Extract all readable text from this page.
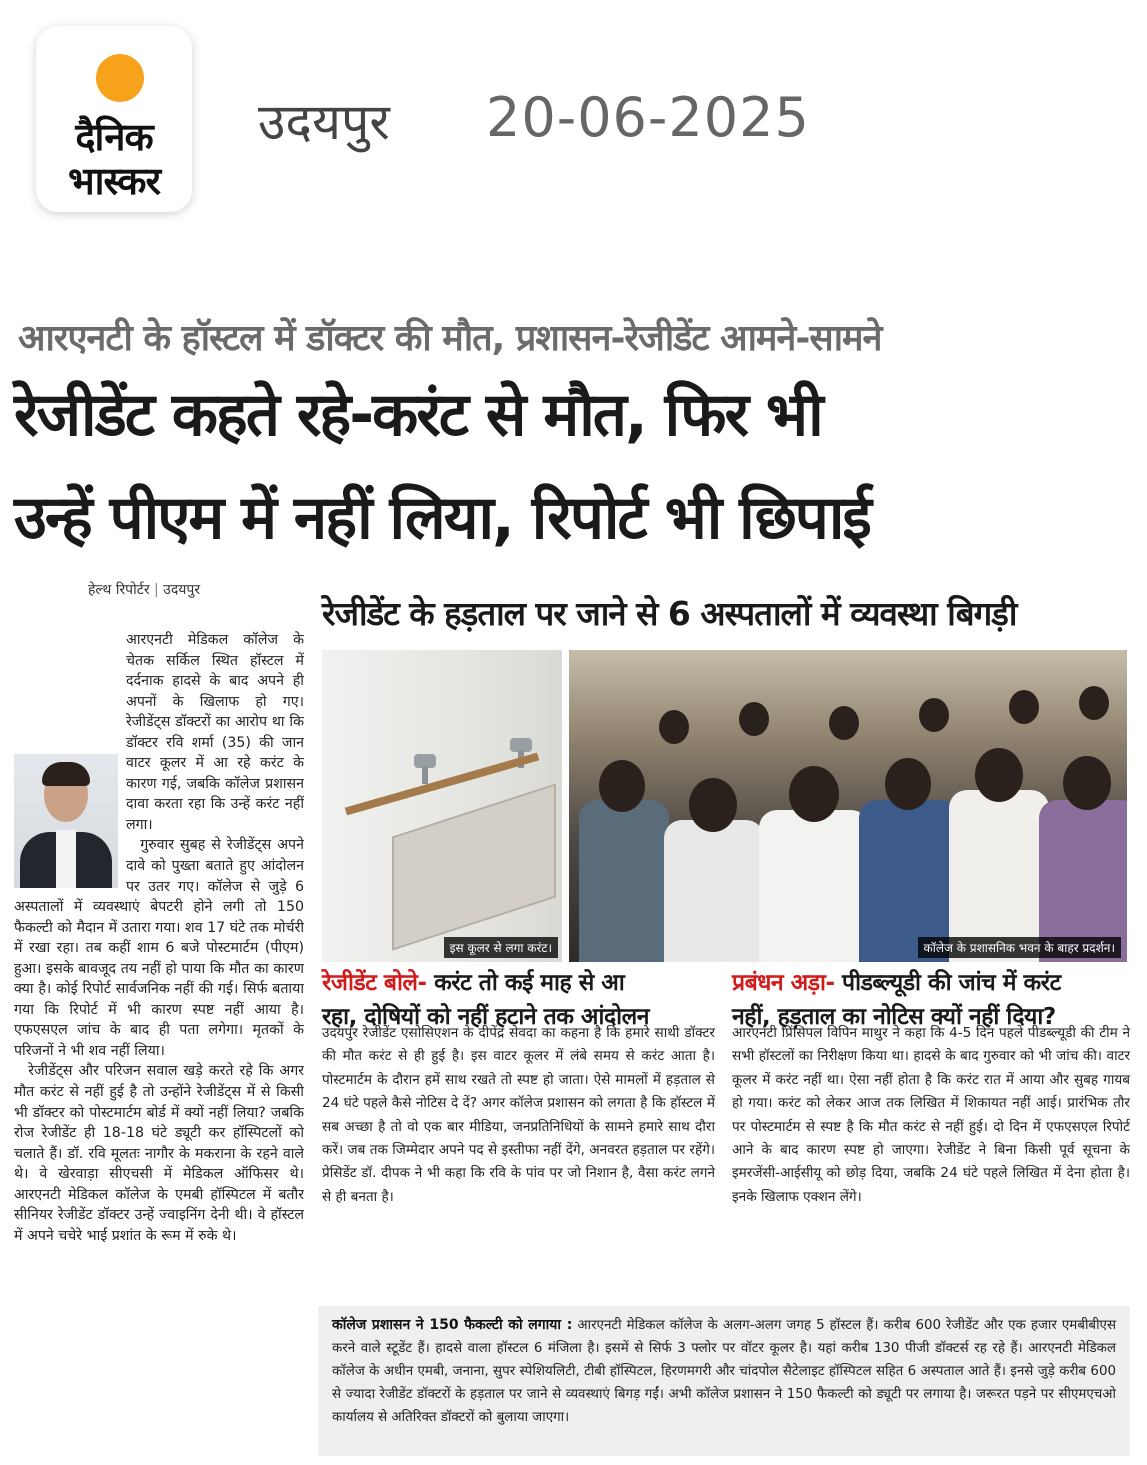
दैनिक
भास्कर
उदयपुर 20-06-2025
आरएनटी के हॉस्टल में डॉक्टर की मौत, प्रशासन-रेजीडेंट आमने-सामने
रेजीडेंट कहते रहे-करंट से मौत, फिर भी
उन्हें पीएम में नहीं लिया, रिपोर्ट भी छिपाई
हेल्थ रिपोर्टर | उदयपुर
आरएनटी मेडिकल कॉलेज के चेतक सर्किल स्थित हॉस्टल में दर्दनाक हादसे के बाद अपने ही अपनों के खिलाफ हो गए। रेजीडेंट्स डॉक्टरों का आरोप था कि डॉक्टर रवि शर्मा (35) की जान वाटर कूलर में आ रहे करंट के कारण गई, जबकि कॉलेज प्रशासन दावा करता रहा कि उन्हें करंट नहीं लगा।
 गुरुवार सुबह से रेजीडेंट्स अपने दावे को पुख्ता बताते हुए आंदोलन पर उतर गए। कॉलेज से जुड़े 6 अस्पतालों में व्यवस्थाएं बेपटरी होने लगी तो 150 फैकल्टी को मैदान में उतारा गया। शव 17 घंटे तक मोर्चरी में रखा रहा। तब कहीं शाम 6 बजे पोस्टमार्टम (पीएम) हुआ। इसके बावजूद तय नहीं हो पाया कि मौत का कारण क्या है। कोई रिपोर्ट सार्वजनिक नहीं की गई। सिर्फ बताया गया कि रिपोर्ट में भी कारण स्पष्ट नहीं आया है। एफएसएल जांच के बाद ही पता लगेगा। मृतकों के परिजनों ने भी शव नहीं लिया।
 रेजीडेंट्स और परिजन सवाल खड़े करते रहे कि अगर मौत करंट से नहीं हुई है तो उन्होंने रेजीडेंट्स में से किसी भी डॉक्टर को पोस्टमार्टम बोर्ड में क्यों नहीं लिया? जबकि रोज रेजीडेंट ही 18-18 घंटे ड्यूटी कर हॉस्पिटलों को चलाते हैं। डॉ. रवि मूलतः नागौर के मकराना के रहने वाले थे। वे खेरवाड़ा सीएचसी में मेडिकल ऑफिसर थे। आरएनटी मेडिकल कॉलेज के एमबी हॉस्पिटल में बतौर सीनियर रेजीडेंट डॉक्टर उन्हें ज्वाइनिंग देनी थी। वे हॉस्टल में अपने चचेरे भाई प्रशांत के रूम में रुके थे।
रेजीडेंट के हड़ताल पर जाने से 6 अस्पतालों में व्यवस्था बिगड़ी
इस कूलर से लगा करंट।	कॉलेज के प्रशासनिक भवन के बाहर प्रदर्शन।
रेजीडेंट बोले- करंट तो कई माह से आ
रहा, दोषियों को नहीं हटाने तक आंदोलन
उदयपुर रेजीडेंट एसोसिएशन के दीपेंद्र सेवदा का कहना है कि हमारे साथी डॉक्टर की मौत करंट से ही हुई है। इस वाटर कूलर में लंबे समय से करंट आता है। पोस्टमार्टम के दौरान हमें साथ रखते तो स्पष्ट हो जाता। ऐसे मामलों में हड़ताल से 24 घंटे पहले कैसे नोटिस दे दें? अगर कॉलेज प्रशासन को लगता है कि हॉस्टल में सब अच्छा है तो वो एक बार मीडिया, जनप्रतिनिधियों के सामने हमारे साथ दौरा करें। जब तक जिम्मेदार अपने पद से इस्तीफा नहीं देंगे, अनवरत हड़ताल पर रहेंगे। प्रेसिडेंट डॉ. दीपक ने भी कहा कि रवि के पांव पर जो निशान है, वैसा करंट लगने से ही बनता है।
प्रबंधन अड़ा- पीडब्ल्यूडी की जांच में करंट
नहीं, हड़ताल का नोटिस क्यों नहीं दिया?
आरएनटी प्रिंसिपल विपिन माथुर ने कहा कि 4-5 दिन पहले पीडब्ल्यूडी की टीम ने सभी हॉस्टलों का निरीक्षण किया था। हादसे के बाद गुरुवार को भी जांच की। वाटर कूलर में करंट नहीं था। ऐसा नहीं होता है कि करंट रात में आया और सुबह गायब हो गया। करंट को लेकर आज तक लिखित में शिकायत नहीं आई। प्रारंभिक तौर पर पोस्टमार्टम से स्पष्ट है कि मौत करंट से नहीं हुई। दो दिन में एफएसएल रिपोर्ट आने के बाद कारण स्पष्ट हो जाएगा। रेजीडेंट ने बिना किसी पूर्व सूचना के इमरजेंसी-आईसीयू को छोड़ दिया, जबकि 24 घंटे पहले लिखित में देना होता है। इनके खिलाफ एक्शन लेंगे।
कॉलेज प्रशासन ने 150 फैकल्टी को लगाया : आरएनटी मेडिकल कॉलेज के अलग-अलग जगह 5 हॉस्टल हैं। करीब 600 रेजीडेंट और एक हजार एमबीबीएस करने वाले स्टूडेंट हैं। हादसे वाला हॉस्टल 6 मंजिला है। इसमें से सिर्फ 3 फ्लोर पर वॉटर कूलर है। यहां करीब 130 पीजी डॉक्टर्स रह रहे हैं। आरएनटी मेडिकल कॉलेज के अधीन एमबी, जनाना, सुपर स्पेशियलिटी, टीबी हॉस्पिटल, हिरणमगरी और चांदपोल सैटेलाइट हॉस्पिटल सहित 6 अस्पताल आते हैं। इनसे जुड़े करीब 600 से ज्यादा रेजीडेंट डॉक्टरों के हड़ताल पर जाने से व्यवस्थाएं बिगड़ गईं। अभी कॉलेज प्रशासन ने 150 फैकल्टी को ड्यूटी पर लगाया है। जरूरत पड़ने पर सीएमएचओ कार्यालय से अतिरिक्त डॉक्टरों को बुलाया जाएगा।
